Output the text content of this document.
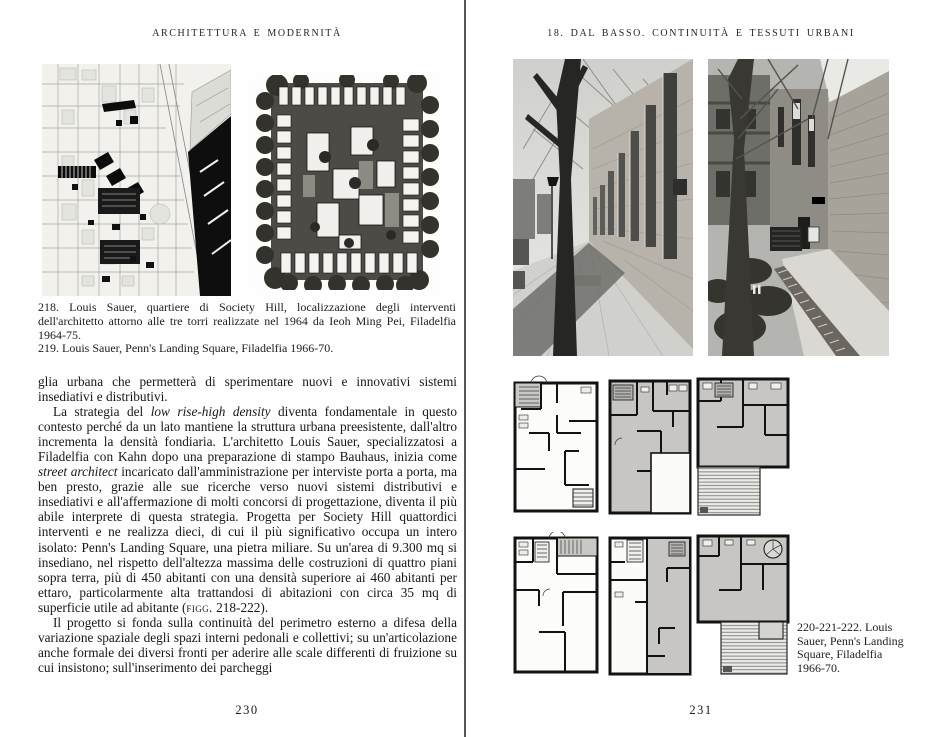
ARCHITETTURA E MODERNITÀ

218. Louis Sauer, quartiere di Society Hill, localizzazione degli interventi dell'architetto attorno alle tre torri realizzate nel 1964 da Ieoh Ming Pei, Filadelfia 1964-75.

219. Louis Sauer, Penn's Landing Square, Filadelfia 1966-70.

glia urbana che permetterà di sperimentare nuovi e innovativi sistemi insediativi e distributivi.

La strategia del low rise-high density diventa fondamentale in questo contesto perché da un lato mantiene la struttura urbana preesistente, dall'altro incrementa la densità fondiaria. L'architetto Louis Sauer, specializzatosi a Filadelfia con Kahn dopo una preparazione di stampo Bauhaus, inizia come street architect incaricato dall'amministrazione per interviste porta a porta, ma ben presto, grazie alle sue ricerche verso nuovi sistemi distributivi e insediativi e all'affermazione di molti concorsi di progettazione, diventa il più abile interprete di questa strategia. Progetta per Society Hill quattordici interventi e ne realizza dieci, di cui il più significativo occupa un intero isolato: Penn's Landing Square, una pietra miliare. Su un'area di 9.300 mq si insediano, nel rispetto dell'altezza massima delle costruzioni di quattro piani sopra terra, più di 450 abitanti con una densità superiore ai 460 abitanti per ettaro, particolarmente alta trattandosi di abitazioni con circa 35 mq di superficie utile ad abitante (figg. 218-222).

Il progetto si fonda sulla continuità del perimetro esterno a difesa della variazione spaziale degli spazi interni pedonali e collettivi; su un'articolazione anche formale dei diversi fronti per aderire alle scale differenti di fruizione su cui insistono; sull'inserimento dei parcheggi

230
18. DAL BASSO. CONTINUITÀ E TESSUTI URBANI
220-221-222. Louis Sauer, Penn's Landing Square, Filadelfia 1966-70.
231
